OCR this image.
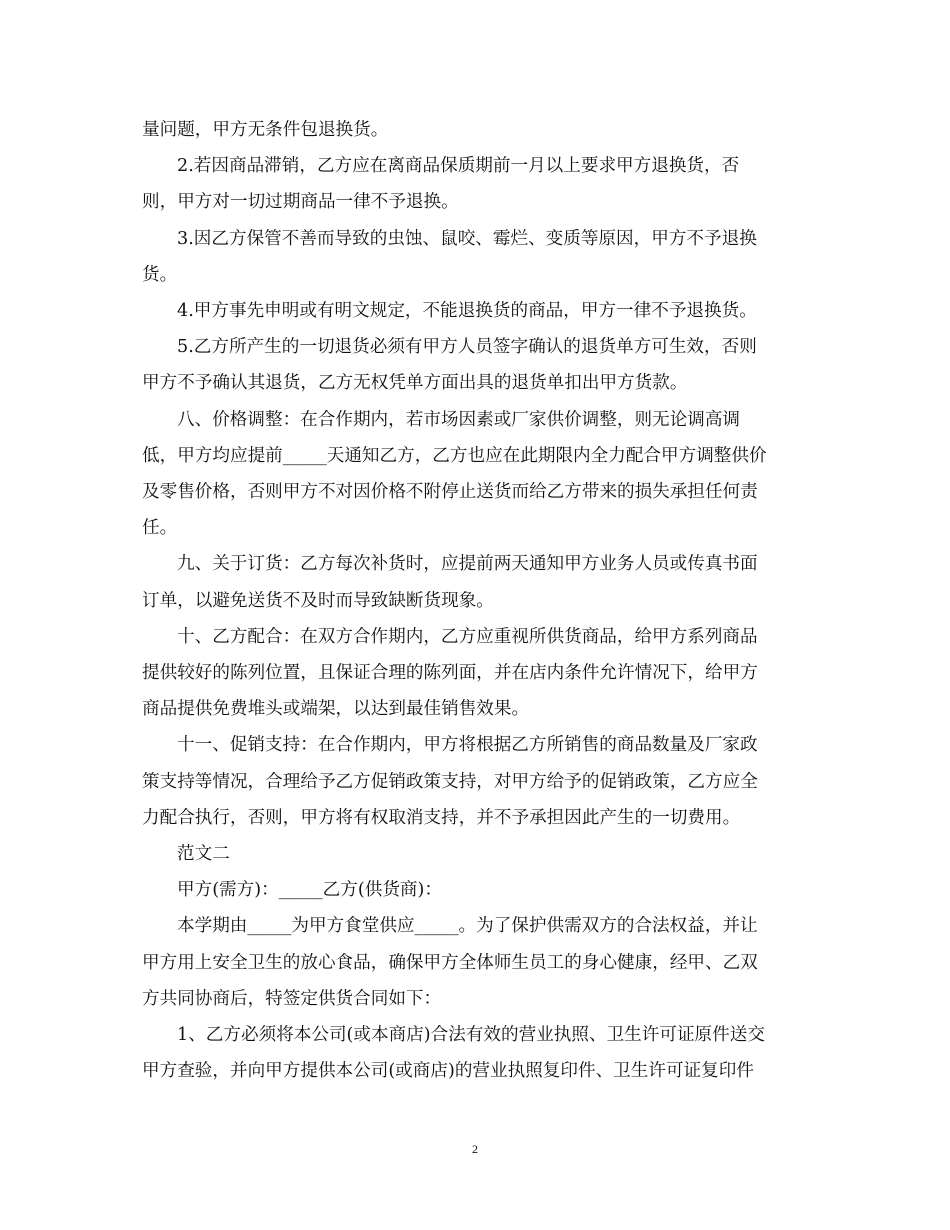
量问题，甲方无条件包退换货。
2.若因商品滞销，乙方应在离商品保质期前一月以上要求甲方退换货，否
则，甲方对一切过期商品一律不予退换。
3.因乙方保管不善而导致的虫蚀、鼠咬、霉烂、变质等原因，甲方不予退换
货。
4.甲方事先申明或有明文规定，不能退换货的商品，甲方一律不予退换货。
5.乙方所产生的一切退货必须有甲方人员签字确认的退货单方可生效，否则
甲方不予确认其退货，乙方无权凭单方面出具的退货单扣出甲方货款。
八、价格调整：在合作期内，若市场因素或厂家供价调整，则无论调高调
低，甲方均应提前_____天通知乙方，乙方也应在此期限内全力配合甲方调整供价
及零售价格，否则甲方不对因价格不附停止送货而给乙方带来的损失承担任何责
任。
九、关于订货：乙方每次补货时，应提前两天通知甲方业务人员或传真书面
订单，以避免送货不及时而导致缺断货现象。
十、乙方配合：在双方合作期内，乙方应重视所供货商品，给甲方系列商品
提供较好的陈列位置，且保证合理的陈列面，并在店内条件允许情况下，给甲方
商品提供免费堆头或端架，以达到最佳销售效果。
十一、促销支持：在合作期内，甲方将根据乙方所销售的商品数量及厂家政
策支持等情况，合理给予乙方促销政策支持，对甲方给予的促销政策，乙方应全
力配合执行，否则，甲方将有权取消支持，并不予承担因此产生的一切费用。
范文二
甲方(需方)：_____乙方(供货商)：
本学期由_____为甲方食堂供应_____。为了保护供需双方的合法权益，并让
甲方用上安全卫生的放心食品，确保甲方全体师生员工的身心健康，经甲、乙双
方共同协商后，特签定供货合同如下：
1、乙方必须将本公司(或本商店)合法有效的营业执照、卫生许可证原件送交
甲方查验，并向甲方提供本公司(或商店)的营业执照复印件、卫生许可证复印件
2
